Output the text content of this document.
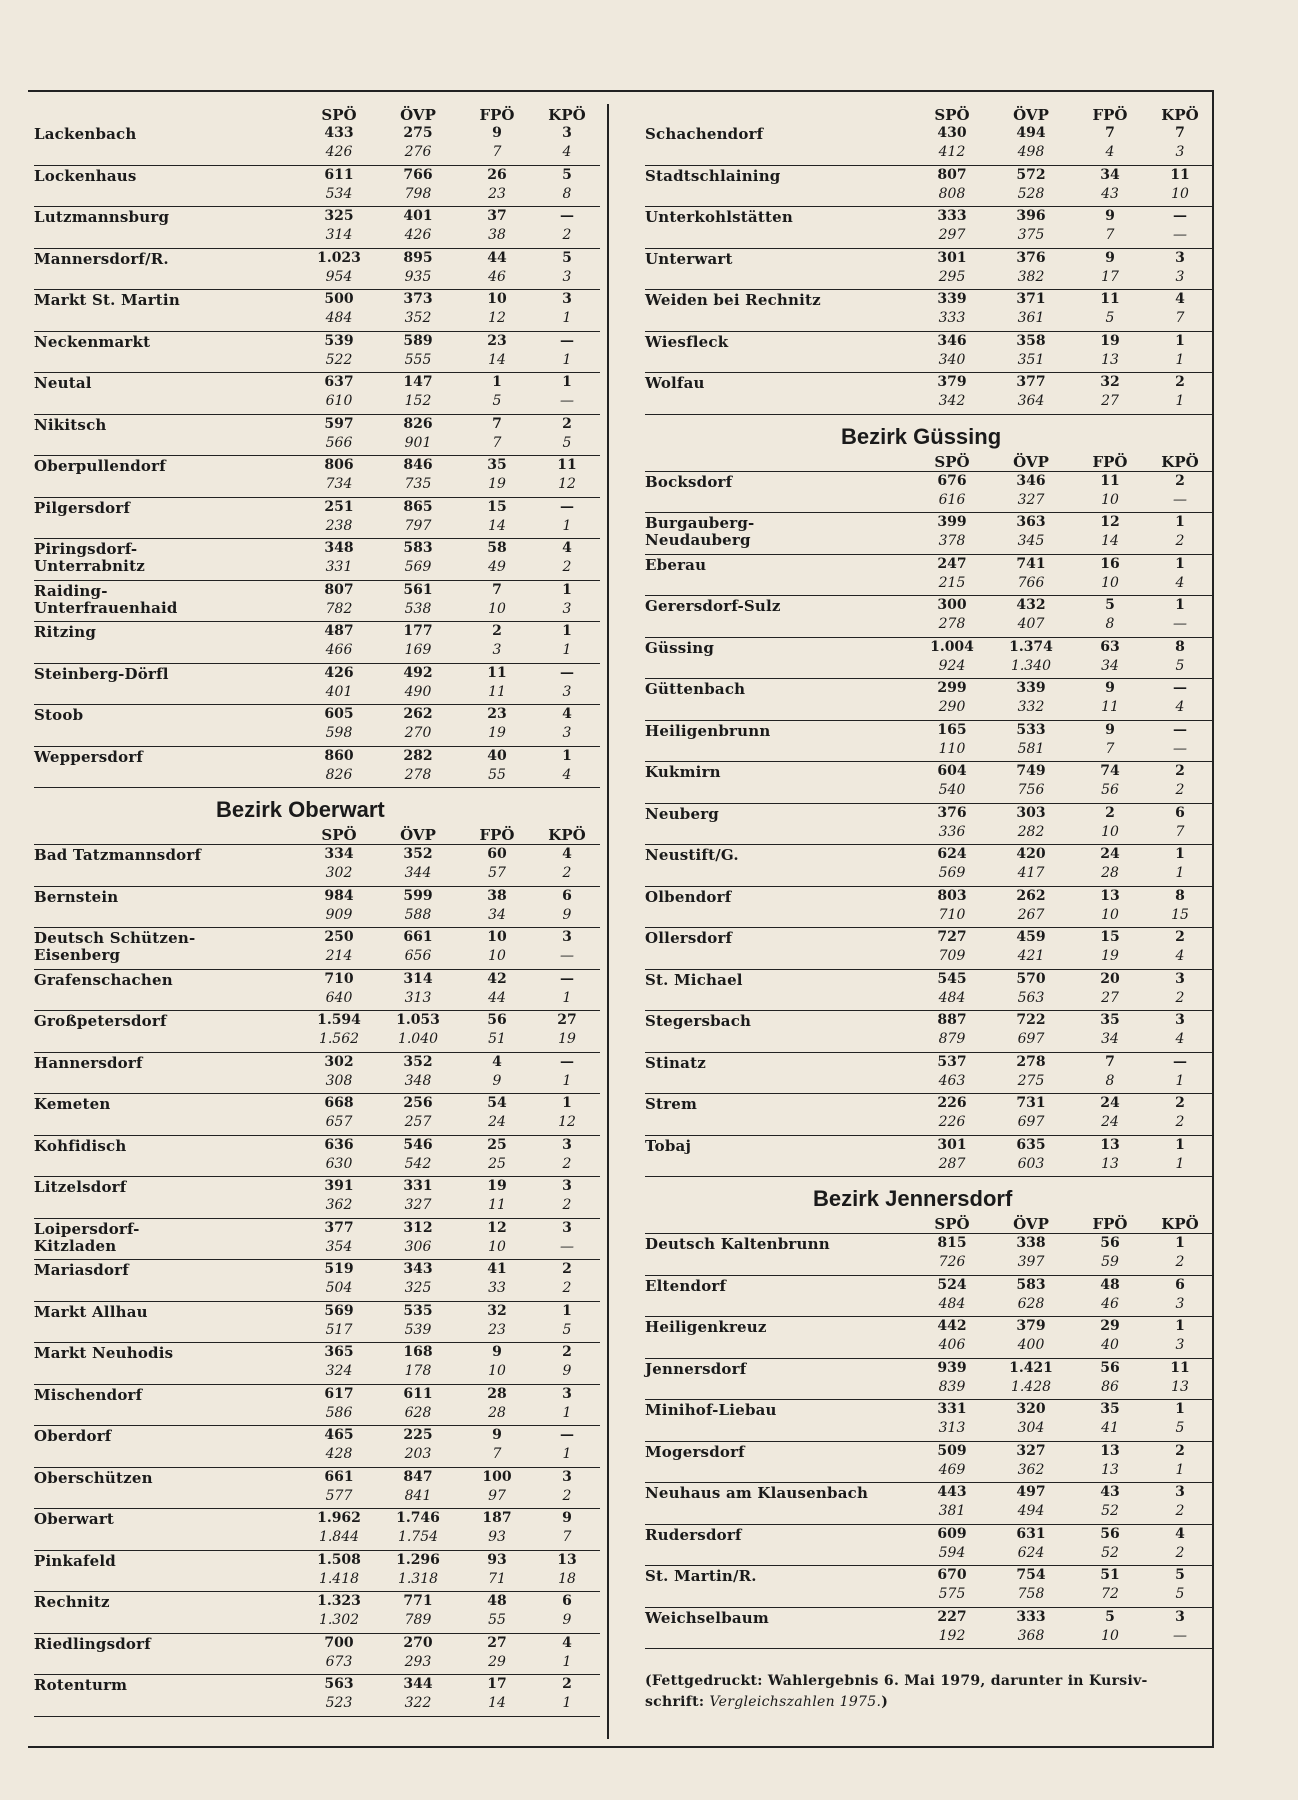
SPÖ	ÖVP	FPÖ	KPÖ
Lackenbach	433	275	9	3
426	276	7	4
Lockenhaus	611	766	26	5
534	798	23	8
Lutzmannsburg	325	401	37	—
314	426	38	2
Mannersdorf/R.	1.023	895	44	5
954	935	46	3
Markt St. Martin	500	373	10	3
484	352	12	1
Neckenmarkt	539	589	23	—
522	555	14	1
Neutal	637	147	1	1
610	152	5	—
Nikitsch	597	826	7	2
566	901	7	5
Oberpullendorf	806	846	35	11
734	735	19	12
Pilgersdorf	251	865	15	—
238	797	14	1
Piringsdorf-
Unterrabnitz
348	583	58	4
331	569	49	2
Raiding-
Unterfrauenhaid
807	561	7	1
782	538	10	3
Ritzing	487	177	2	1
466	169	3	1
Steinberg-Dörfl	426	492	11	—
401	490	11	3
Stoob	605	262	23	4
598	270	19	3
Weppersdorf	860	282	40	1
826	278	55	4
Bezirk Oberwart
SPÖ	ÖVP	FPÖ	KPÖ
Bad Tatzmannsdorf	334	352	60	4
302	344	57	2
Bernstein	984	599	38	6
909	588	34	9
Deutsch Schützen-
Eisenberg
250	661	10	3
214	656	10	—
Grafenschachen	710	314	42	—
640	313	44	1
Großpetersdorf	1.594	1.053	56	27
1.562	1.040	51	19
Hannersdorf	302	352	4	—
308	348	9	1
Kemeten	668	256	54	1
657	257	24	12
Kohfidisch	636	546	25	3
630	542	25	2
Litzelsdorf	391	331	19	3
362	327	11	2
Loipersdorf-
Kitzladen
377	312	12	3
354	306	10	—
Mariasdorf	519	343	41	2
504	325	33	2
Markt Allhau	569	535	32	1
517	539	23	5
Markt Neuhodis	365	168	9	2
324	178	10	9
Mischendorf	617	611	28	3
586	628	28	1
Oberdorf	465	225	9	—
428	203	7	1
Oberschützen	661	847	100	3
577	841	97	2
Oberwart	1.962	1.746	187	9
1.844	1.754	93	7
Pinkafeld	1.508	1.296	93	13
1.418	1.318	71	18
Rechnitz	1.323	771	48	6
1.302	789	55	9
Riedlingsdorf	700	270	27	4
673	293	29	1
Rotenturm	563	344	17	2
523	322	14	1
SPÖ	ÖVP	FPÖ	KPÖ
Schachendorf	430	494	7	7
412	498	4	3
Stadtschlaining	807	572	34	11
808	528	43	10
Unterkohlstätten	333	396	9	—
297	375	7	—
Unterwart	301	376	9	3
295	382	17	3
Weiden bei Rechnitz	339	371	11	4
333	361	5	7
Wiesfleck	346	358	19	1
340	351	13	1
Wolfau	379	377	32	2
342	364	27	1
Bezirk Güssing
SPÖ	ÖVP	FPÖ	KPÖ
Bocksdorf	676	346	11	2
616	327	10	—
Burgauberg-
Neudauberg
399	363	12	1
378	345	14	2
Eberau	247	741	16	1
215	766	10	4
Gerersdorf-Sulz	300	432	5	1
278	407	8	—
Güssing	1.004	1.374	63	8
924	1.340	34	5
Güttenbach	299	339	9	—
290	332	11	4
Heiligenbrunn	165	533	9	—
110	581	7	—
Kukmirn	604	749	74	2
540	756	56	2
Neuberg	376	303	2	6
336	282	10	7
Neustift/G.	624	420	24	1
569	417	28	1
Olbendorf	803	262	13	8
710	267	10	15
Ollersdorf	727	459	15	2
709	421	19	4
St. Michael	545	570	20	3
484	563	27	2
Stegersbach	887	722	35	3
879	697	34	4
Stinatz	537	278	7	—
463	275	8	1
Strem	226	731	24	2
226	697	24	2
Tobaj	301	635	13	1
287	603	13	1
Bezirk Jennersdorf
SPÖ	ÖVP	FPÖ	KPÖ
Deutsch Kaltenbrunn	815	338	56	1
726	397	59	2
Eltendorf	524	583	48	6
484	628	46	3
Heiligenkreuz	442	379	29	1
406	400	40	3
Jennersdorf	939	1.421	56	11
839	1.428	86	13
Minihof-Liebau	331	320	35	1
313	304	41	5
Mogersdorf	509	327	13	2
469	362	13	1
Neuhaus am Klausenbach	443	497	43	3
381	494	52	2
Rudersdorf	609	631	56	4
594	624	52	2
St. Martin/R.	670	754	51	5
575	758	72	5
Weichselbaum	227	333	5	3
192	368	10	—
(Fettgedruckt: Wahlergebnis 6. Mai 1979, darunter in Kursiv-
schrift: Vergleichszahlen 1975.)
